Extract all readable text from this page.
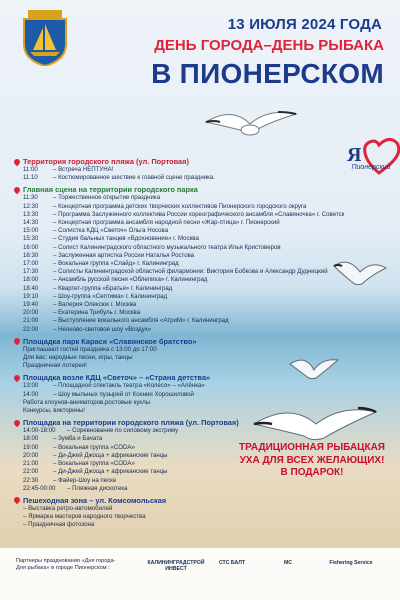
13 ИЮЛЯ 2024 ГОДА
ДЕНЬ ГОРОДА–ДЕНЬ РЫБАКА
В ПИОНЕРСКОМ
Я
Пионерский
Территория городского пляжа (ул. Портовая)
11:00 – Встреча НЕПТУНА!
11:10 – Костюмированное шествие к главной сцене праздника.
Главная сцена на территории городского парка
11:30 – Торжественное открытие праздника
12:30 – Концертная программа детских творческих коллективов Пионерского городского округа
13:30 – Программа Заслуженного коллектива России хореографического ансамбля «Славяночка» г. Советск
14:30 – Концертная программа ансамбля народной песни «Жар-птица» г. Пионерский
15:00 – Солистка КДЦ «Светоч» Ольга Носова
15:30 – Студия бальных танцев «Вдохновение» г. Москва
16:00 – Солист Калининградского областного музыкального театра Илья Кристоверов
16:30 – Заслуженная артистка России Наталья Ростова
17:00 – Вокальная группа «Слайд» г. Калининград
17:30 – Солисты Калининградской областной филармонии: Виктория Бобкова и Александр Дудницкий
18:00 – Ансамбль русской песни «Облепиха» г. Калининград
18:40 – Квартет-группа «Братья» г. Калининград
19:10 – Шоу-группа «Септима» г. Калининград
19:40 – Валерия Олексюк г. Москва
20:00 – Екатерина Трибуль г. Москва
21:00 – Выступление вокального ансамбля «АтриМ» г. Калининград
22:00 – Неоново-световое шоу «Воздух»
Площадка парк Карася «Славянское братство»
Приглашают гостей праздника с 13:00 до 17:00
Для вас: народные песни, игры, танцы
Праздничная лотерея!
Площадка возле КДЦ «Светоч» – «Страна детства»
13:00 – Площадной спектакль театра «Колесо» – «Алёнка»
14:00 – Шоу мыльных пузырей от Ксении Хорошиловой
Работа клоунов-аниматоров,ростовые куклы
Конкурсы, викторины!
Площадка на территории городского пляжа (ул. Портовая)
14:00-18:00 – Соревнование по силовому экстриму
18:00 – Зумба и Бачата
19:00 – Вокальная группа «CODA»
20:00 – Ди-Джей Джоща + африканские танцы
21:00 – Вокальная группа «CODA»
22:00 – Ди-Джей Джоща + африканские танцы
22:30 – Файер-Шоу на песке
22:45-00:00 – Пляжная дискотека
Пешеходная зона – ул. Комсомольская
– Выставка ретро-автомобилей
– Ярмарка мастеров народного творчества
– Праздничная фотозона
ТРАДИЦИОННАЯ РЫБАЦКАЯ УХА ДЛЯ ВСЕХ ЖЕЛАЮЩИХ! В ПОДАРОК!
Партнеры празднования «Дня города-Дня рыбака» в городе Пионерском :
КАЛИНИНГРАДСТРОЙ ИНВЕСТ
СТС БАЛТ	МС	Fishering Service
